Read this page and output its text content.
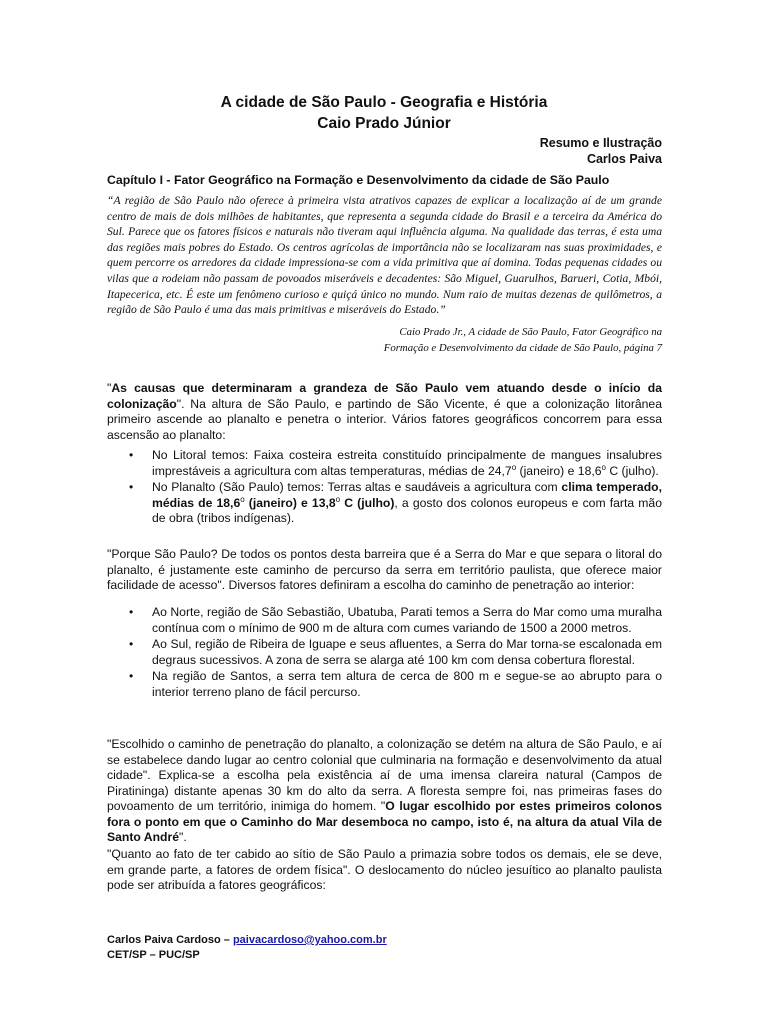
A cidade de São Paulo - Geografia e História
Caio Prado Júnior
Resumo e Ilustração
Carlos Paiva
Capítulo I - Fator Geográfico na Formação e Desenvolvimento da cidade de São Paulo

“A região de São Paulo não oferece à primeira vista atrativos capazes de explicar a localização aí de um grande centro de mais de dois milhões de habitantes, que representa a segunda cidade do Brasil e a terceira da América do Sul. Parece que os fatores físicos e naturais não tiveram aqui influência alguma. Na qualidade das terras, é esta uma das regiões mais pobres do Estado. Os centros agrícolas de importância não se localizaram nas suas proximidades, e quem percorre os arredores da cidade impressiona-se com a vida primitiva que aí domina. Todas pequenas cidades ou vilas que a rodeiam não passam de povoados miseráveis e decadentes: São Miguel, Guarulhos, Barueri, Cotia, Mbói, Itapecerica, etc. É este um fenômeno curioso e quiçá único no mundo. Num raio de muitas dezenas de quilômetros, a região de São Paulo é uma das mais primitivas e miseráveis do Estado.”

Caio Prado Jr., A cidade de São Paulo, Fator Geográfico na Formação e Desenvolvimento da cidade de São Paulo, página 7

"As causas que determinaram a grandeza de São Paulo vem atuando desde o início da colonização". Na altura de São Paulo, e partindo de São Vicente, é que a colonização litorânea primeiro ascende ao planalto e penetra o interior. Vários fatores geográficos concorrem para essa ascensão ao planalto:

• No Litoral temos: Faixa costeira estreita constituído principalmente de mangues insalubres imprestáveis a agricultura com altas temperaturas, médias de 24,7$^o$ (janeiro) e 18,6$^o$ C (julho).
• No Planalto (São Paulo) temos: Terras altas e saudáveis a agricultura com clima temperado, médias de 18,6$^o$ (janeiro) e 13,8$^o$ C (julho), a gosto dos colonos europeus e com farta mão de obra (tribos indígenas).

"Porque São Paulo? De todos os pontos desta barreira que é a Serra do Mar e que separa o litoral do planalto, é justamente este caminho de percurso da serra em território paulista, que oferece maior facilidade de acesso". Diversos fatores definiram a escolha do caminho de penetração ao interior:

• Ao Norte, região de São Sebastião, Ubatuba, Parati temos a Serra do Mar como uma muralha contínua com o mínimo de 900 m de altura com cumes variando de 1500 a 2000 metros.
• Ao Sul, região de Ribeira de Iguape e seus afluentes, a Serra do Mar torna-se escalonada em degraus sucessivos. A zona de serra se alarga até 100 km com densa cobertura florestal.
• Na região de Santos, a serra tem altura de cerca de 800 m e segue-se ao abrupto para o interior terreno plano de fácil percurso.

"Escolhido o caminho de penetração do planalto, a colonização se detém na altura de São Paulo, e aí se estabelece dando lugar ao centro colonial que culminaria na formação e desenvolvimento da atual cidade". Explica-se a escolha pela existência aí de uma imensa clareira natural (Campos de Piratininga) distante apenas 30 km do alto da serra. A floresta sempre foi, nas primeiras fases do povoamento de um território, inimiga do homem. "O lugar escolhido por estes primeiros colonos fora o ponto em que o Caminho do Mar desemboca no campo, isto é, na altura da atual Vila de Santo André".

"Quanto ao fato de ter cabido ao sítio de São Paulo a primazia sobre todos os demais, ele se deve, em grande parte, a fatores de ordem física". O deslocamento do núcleo jesuítico ao planalto paulista pode ser atribuída a fatores geográficos:

Carlos Paiva Cardoso – paivacardoso@yahoo.com.br
CET/SP – PUC/SP
